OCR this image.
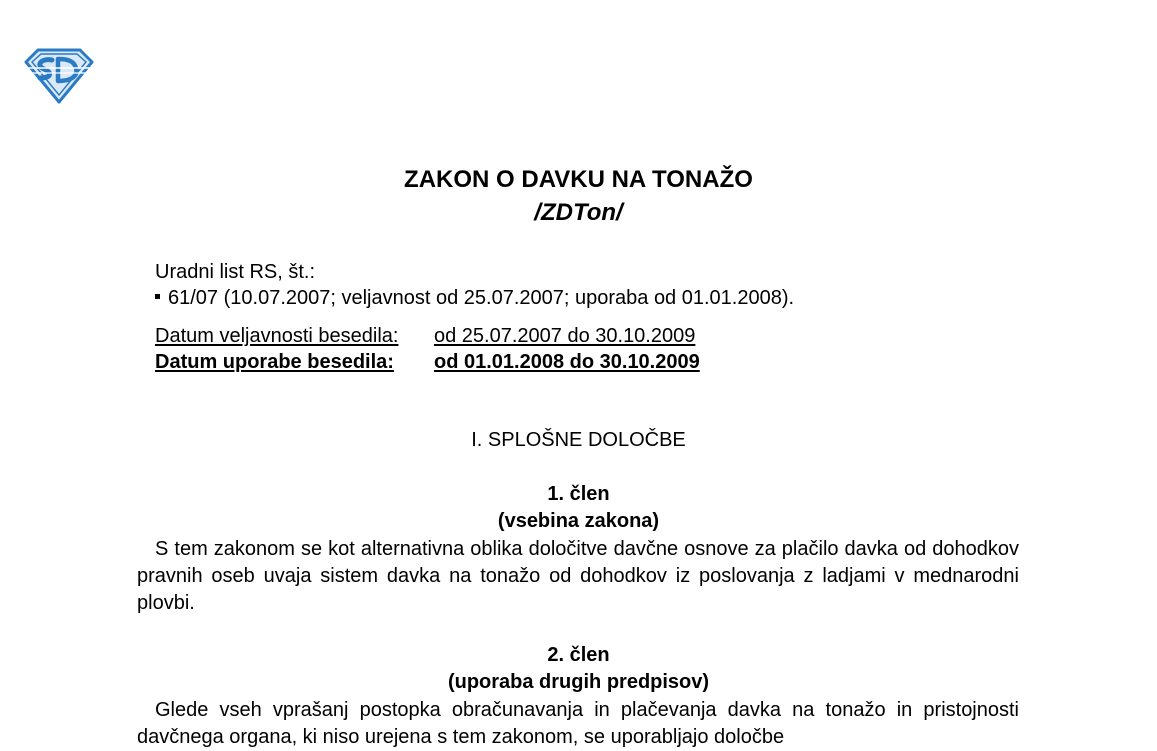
ZAKON O DAVKU NA TONAŽO
/ZDTon/
Uradni list RS, št.:
61/07 (10.07.2007; veljavnost od 25.07.2007; uporaba od 01.01.2008).
Datum veljavnosti besedila: od 25.07.2007 do 30.10.2009
Datum uporabe besedila: od 01.01.2008 do 30.10.2009
I. SPLOŠNE DOLOČBE
1. člen
(vsebina zakona)
S tem zakonom se kot alternativna oblika določitve davčne osnove za plačilo davka od dohodkov pravnih oseb uvaja sistem davka na tonažo od dohodkov iz poslovanja z ladjami v mednarodni plovbi.
2. člen
(uporaba drugih predpisov)
Glede vseh vprašanj postopka obračunavanja in plačevanja davka na tonažo in pristojnosti davčnega organa, ki niso urejena s tem zakonom, se uporabljajo določbe
